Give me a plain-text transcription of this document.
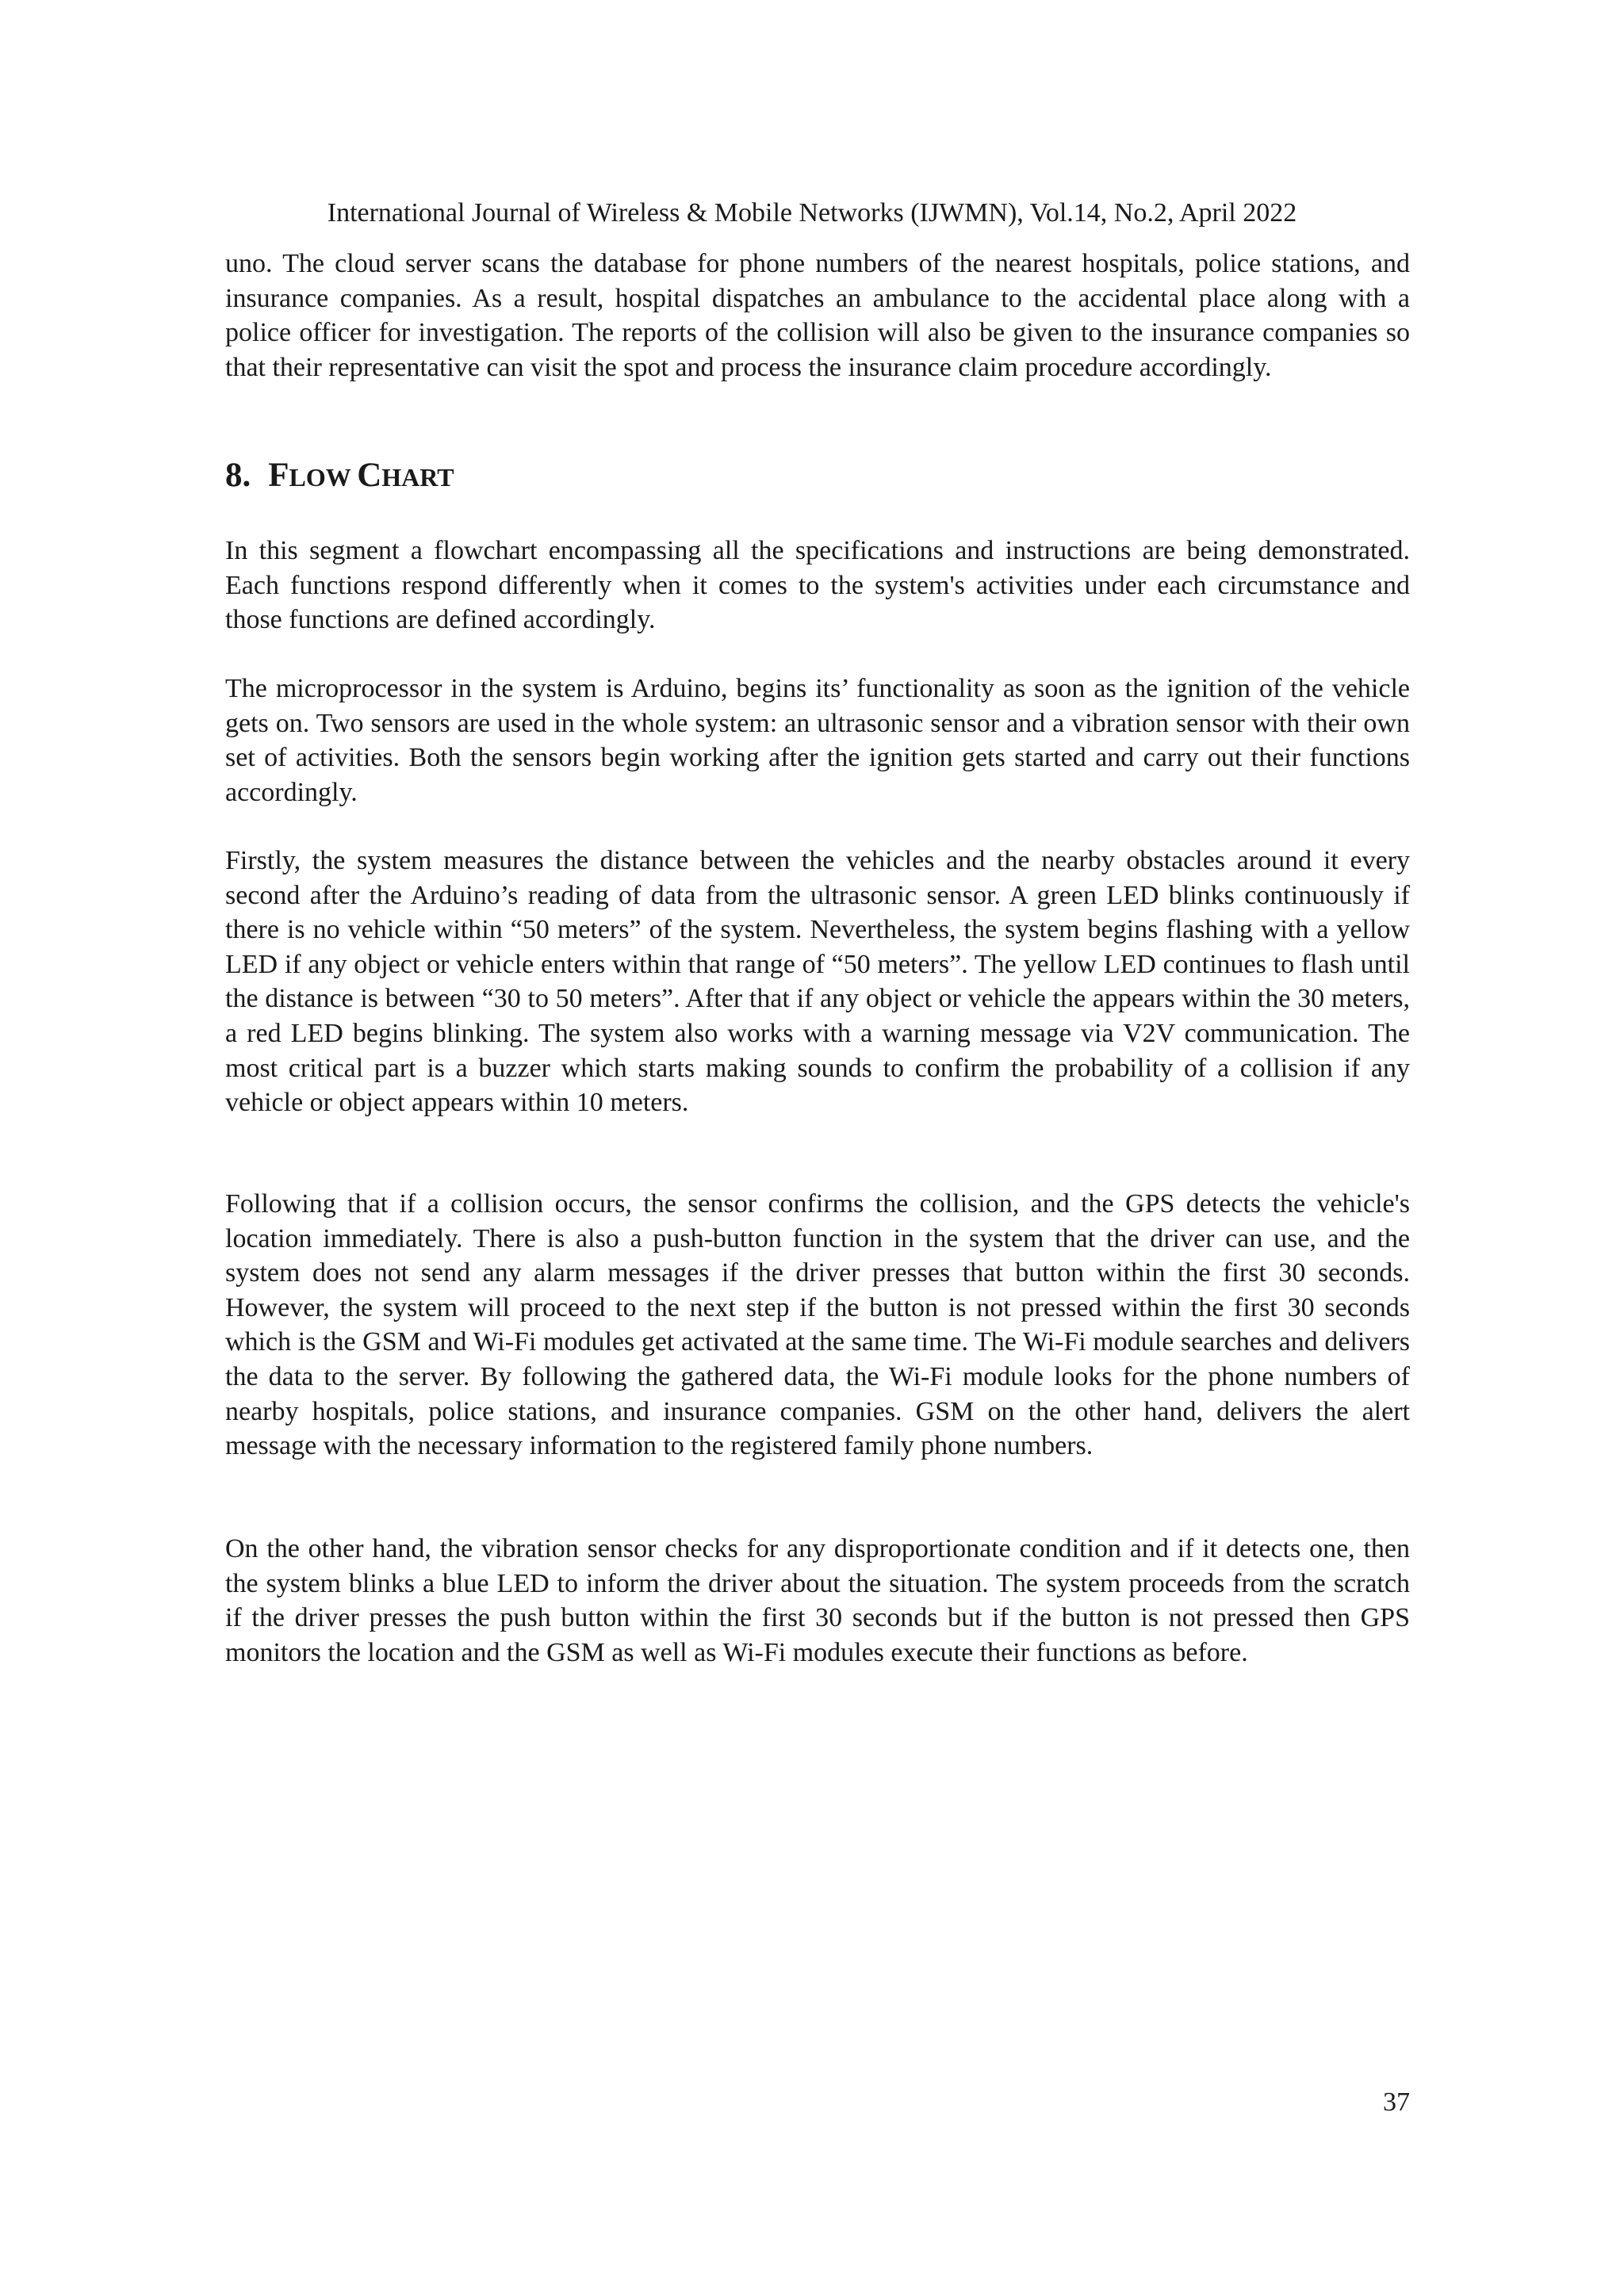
International Journal of Wireless & Mobile Networks (IJWMN), Vol.14, No.2, April 2022

uno. The cloud server scans the database for phone numbers of the nearest hospitals, police stations, and insurance companies. As a result, hospital dispatches an ambulance to the accidental place along with a police officer for investigation. The reports of the collision will also be given to the insurance companies so that their representative can visit the spot and process the insurance claim procedure accordingly.

8. FLOW CHART

In this segment a flowchart encompassing all the specifications and instructions are being demonstrated. Each functions respond differently when it comes to the system's activities under each circumstance and those functions are defined accordingly.

The microprocessor in the system is Arduino, begins its’ functionality as soon as the ignition of the vehicle gets on. Two sensors are used in the whole system: an ultrasonic sensor and a vibration sensor with their own set of activities. Both the sensors begin working after the ignition gets started and carry out their functions accordingly.

Firstly, the system measures the distance between the vehicles and the nearby obstacles around it every second after the Arduino’s reading of data from the ultrasonic sensor. A green LED blinks continuously if there is no vehicle within “50 meters” of the system. Nevertheless, the system begins flashing with a yellow LED if any object or vehicle enters within that range of “50 meters”. The yellow LED continues to flash until the distance is between “30 to 50 meters”. After that if any object or vehicle the appears within the 30 meters, a red LED begins blinking. The system also works with a warning message via V2V communication. The most critical part is a buzzer which starts making sounds to confirm the probability of a collision if any vehicle or object appears within 10 meters.

Following that if a collision occurs, the sensor confirms the collision, and the GPS detects the vehicle's location immediately. There is also a push-button function in the system that the driver can use, and the system does not send any alarm messages if the driver presses that button within the first 30 seconds. However, the system will proceed to the next step if the button is not pressed within the first 30 seconds which is the GSM and Wi-Fi modules get activated at the same time. The Wi-Fi module searches and delivers the data to the server. By following the gathered data, the Wi-Fi module looks for the phone numbers of nearby hospitals, police stations, and insurance companies. GSM on the other hand, delivers the alert message with the necessary information to the registered family phone numbers.

On the other hand, the vibration sensor checks for any disproportionate condition and if it detects one, then the system blinks a blue LED to inform the driver about the situation. The system proceeds from the scratch if the driver presses the push button within the first 30 seconds but if the button is not pressed then GPS monitors the location and the GSM as well as Wi-Fi modules execute their functions as before.

37
